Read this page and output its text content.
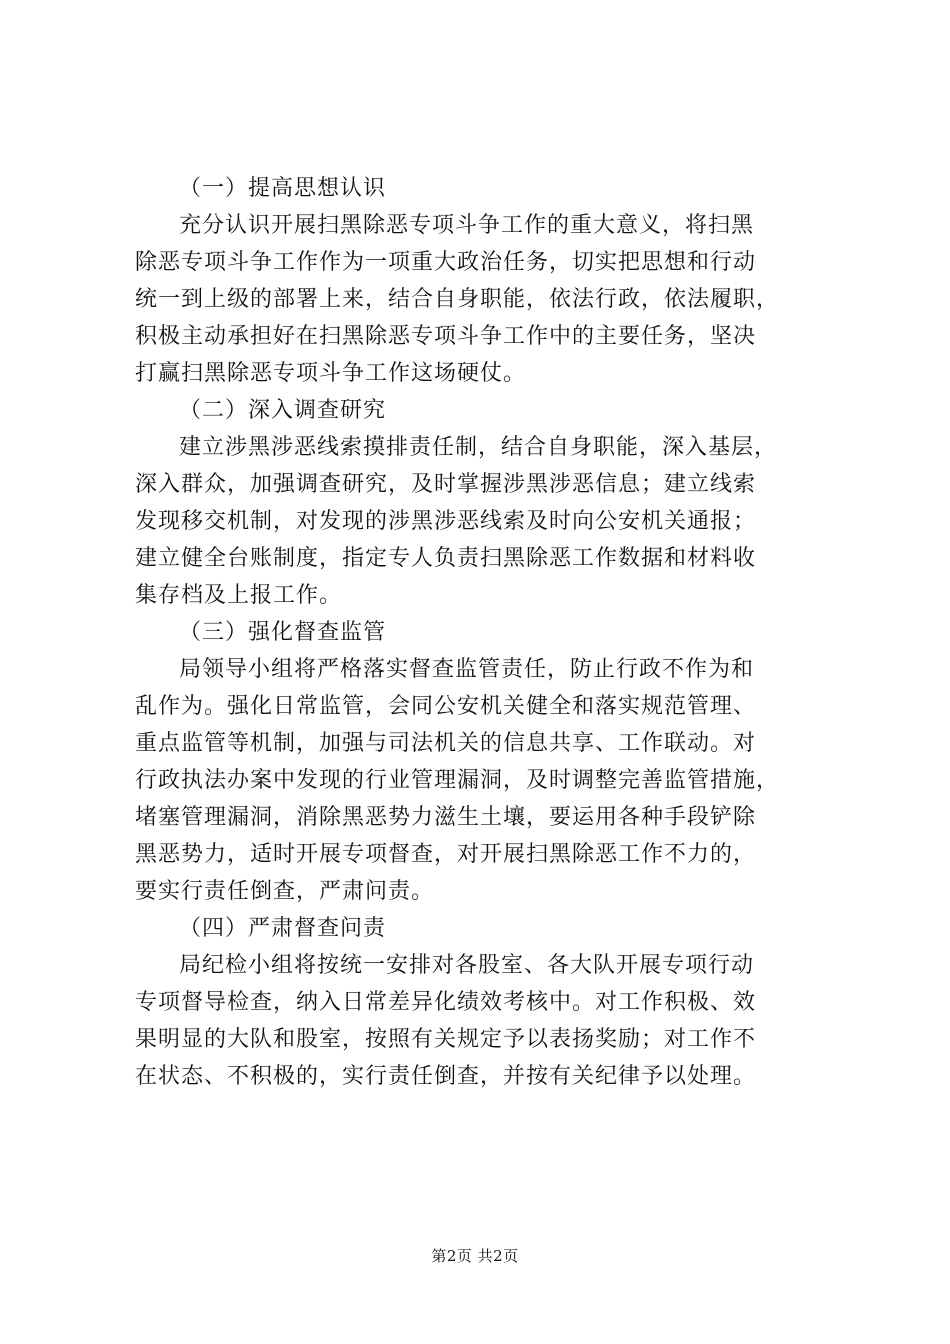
（一）提高思想认识
充分认识开展扫黑除恶专项斗争工作的重大意义，将扫黑
除恶专项斗争工作作为一项重大政治任务，切实把思想和行动
统一到上级的部署上来，结合自身职能，依法行政，依法履职，
积极主动承担好在扫黑除恶专项斗争工作中的主要任务，坚决
打赢扫黑除恶专项斗争工作这场硬仗。
（二）深入调查研究
建立涉黑涉恶线索摸排责任制，结合自身职能，深入基层，
深入群众，加强调查研究，及时掌握涉黑涉恶信息；建立线索
发现移交机制，对发现的涉黑涉恶线索及时向公安机关通报；
建立健全台账制度，指定专人负责扫黑除恶工作数据和材料收
集存档及上报工作。
（三）强化督查监管
局领导小组将严格落实督查监管责任，防止行政不作为和
乱作为。强化日常监管，会同公安机关健全和落实规范管理、
重点监管等机制，加强与司法机关的信息共享、工作联动。对
行政执法办案中发现的行业管理漏洞，及时调整完善监管措施，
堵塞管理漏洞，消除黑恶势力滋生土壤，要运用各种手段铲除
黑恶势力，适时开展专项督查，对开展扫黑除恶工作不力的，
要实行责任倒查，严肃问责。
（四）严肃督查问责
局纪检小组将按统一安排对各股室、各大队开展专项行动
专项督导检查，纳入日常差异化绩效考核中。对工作积极、效
果明显的大队和股室，按照有关规定予以表扬奖励；对工作不
在状态、不积极的，实行责任倒查，并按有关纪律予以处理。
第2页 共2页
